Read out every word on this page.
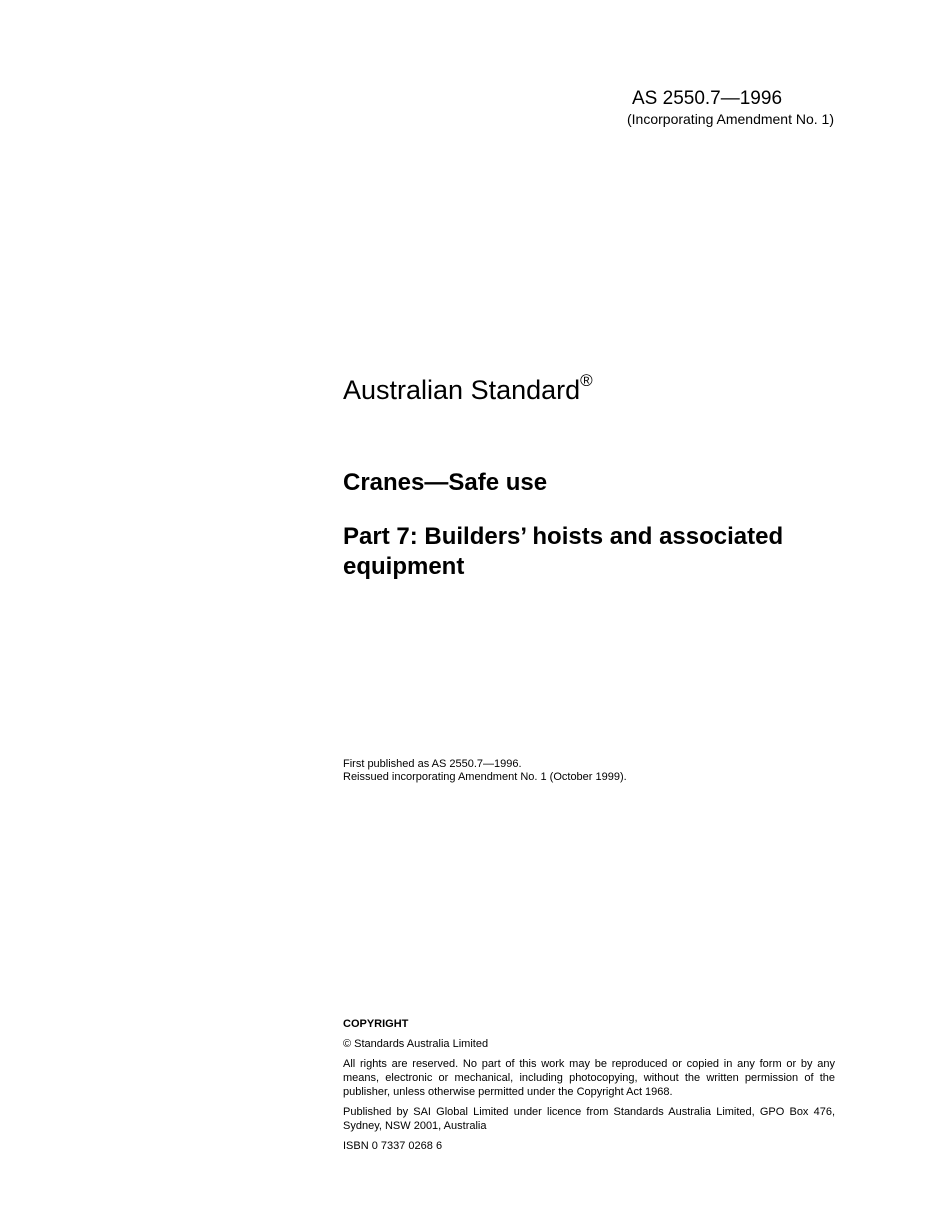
AS 2550.7—1996
(Incorporating Amendment No. 1)
Australian Standard®
Cranes—Safe use
Part 7: Builders’ hoists and associated equipment
First published as AS 2550.7—1996.
Reissued incorporating Amendment No. 1 (October 1999).

COPYRIGHT

© Standards Australia Limited

All rights are reserved. No part of this work may be reproduced or copied in any form or by any means, electronic or mechanical, including photocopying, without the written permission of the publisher, unless otherwise permitted under the Copyright Act 1968.

Published by SAI Global Limited under licence from Standards Australia Limited, GPO Box 476, Sydney, NSW 2001, Australia

ISBN 0 7337 0268 6
